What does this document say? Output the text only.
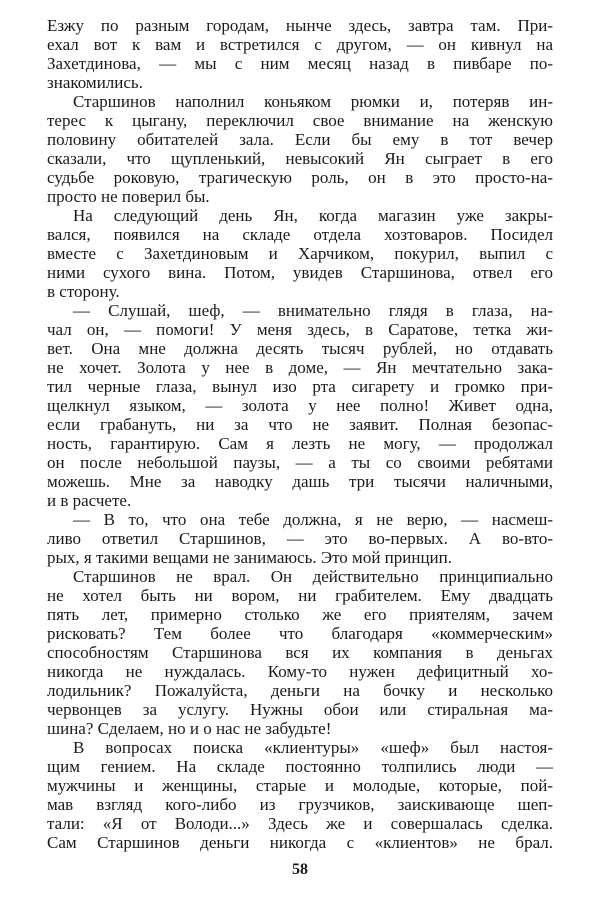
Езжу по разным городам, нынче здесь, завтра там. При-
ехал вот к вам и встретился с другом, — он кивнул на
Захетдинова, — мы с ним месяц назад в пивбаре по-
знакомились.
Старшинов наполнил коньяком рюмки и, потеряв ин-
терес к цыгану, переключил свое внимание на женскую
половину обитателей зала. Если бы ему в тот вечер
сказали, что щупленький, невысокий Ян сыграет в его
судьбе роковую, трагическую роль, он в это просто-на-
просто не поверил бы.
На следующий день Ян, когда магазин уже закры-
вался, появился на складе отдела хозтоваров. Посидел
вместе с Захетдиновым и Харчиком, покурил, выпил с
ними сухого вина. Потом, увидев Старшинова, отвел его
в сторону.
— Слушай, шеф, — внимательно глядя в глаза, на-
чал он, — помоги! У меня здесь, в Саратове, тетка жи-
вет. Она мне должна десять тысяч рублей, но отдавать
не хочет. Золота у нее в доме, — Ян мечтательно зака-
тил черные глаза, вынул изо рта сигарету и громко при-
щелкнул языком, — золота у нее полно! Живет одна,
если грабануть, ни за что не заявит. Полная безопас-
ность, гарантирую. Сам я лезть не могу, — продолжал
он после небольшой паузы, — а ты со своими ребятами
можешь. Мне за наводку дашь три тысячи наличными,
и в расчете.
— В то, что она тебе должна, я не верю, — насмеш-
ливо ответил Старшинов, — это во-первых. А во-вто-
рых, я такими вещами не занимаюсь. Это мой принцип.
Старшинов не врал. Он действительно принципиально
не хотел быть ни вором, ни грабителем. Ему двадцать
пять лет, примерно столько же его приятелям, зачем
рисковать? Тем более что благодаря «коммерческим»
способностям Старшинова вся их компания в деньгах
никогда не нуждалась. Кому-то нужен дефицитный хо-
лодильник? Пожалуйста, деньги на бочку и несколько
червонцев за услугу. Нужны обои или стиральная ма-
шина? Сделаем, но и о нас не забудьте!
В вопросах поиска «клиентуры» «шеф» был настоя-
щим гением. На складе постоянно толпились люди —
мужчины и женщины, старые и молодые, которые, пой-
мав взгляд кого-либо из грузчиков, заискивающе шеп-
тали: «Я от Володи...» Здесь же и совершалась сделка.
Сам Старшинов деньги никогда с «клиентов» не брал.
58
